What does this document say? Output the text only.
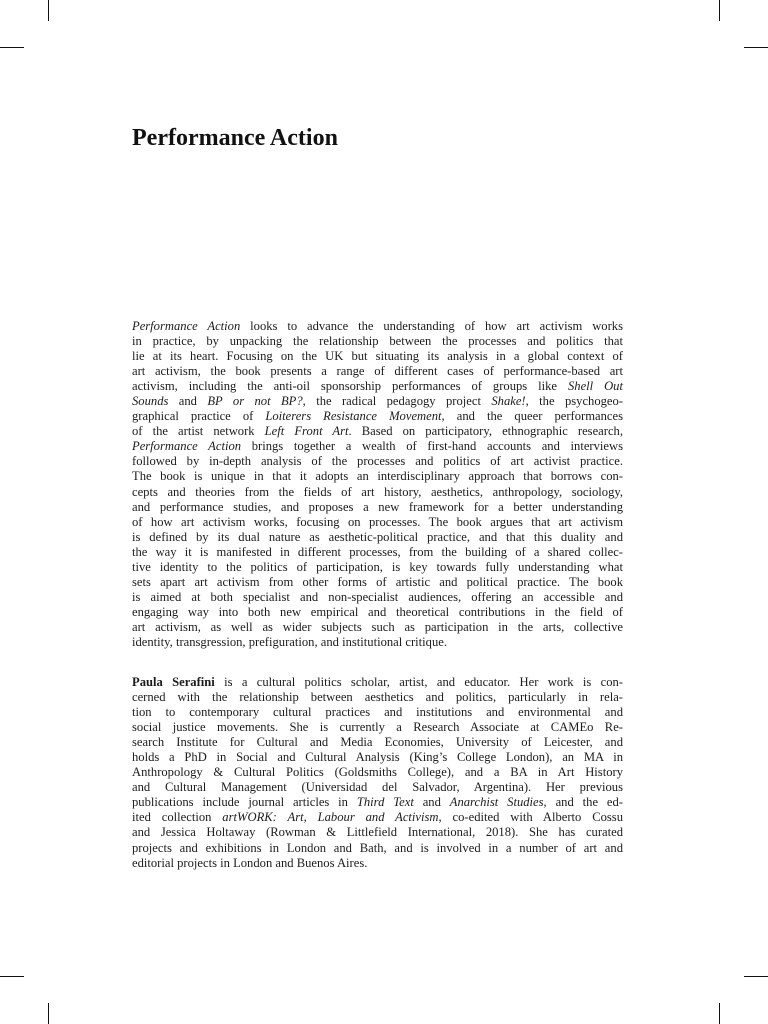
Performance Action

Performance Action looks to advance the understanding of how art activism works
in practice, by unpacking the relationship between the processes and politics that
lie at its heart. Focusing on the UK but situating its analysis in a global context of
art activism, the book presents a range of different cases of performance-based art
activism, including the anti-oil sponsorship performances of groups like Shell Out
Sounds and BP or not BP?, the radical pedagogy project Shake!, the psychogeo-
graphical practice of Loiterers Resistance Movement, and the queer performances
of the artist network Left Front Art. Based on participatory, ethnographic research,
Performance Action brings together a wealth of first-hand accounts and interviews
followed by in-depth analysis of the processes and politics of art activist practice.
The book is unique in that it adopts an interdisciplinary approach that borrows con-
cepts and theories from the fields of art history, aesthetics, anthropology, sociology,
and performance studies, and proposes a new framework for a better understanding
of how art activism works, focusing on processes. The book argues that art activism
is defined by its dual nature as aesthetic-political practice, and that this duality and
the way it is manifested in different processes, from the building of a shared collec-
tive identity to the politics of participation, is key towards fully understanding what
sets apart art activism from other forms of artistic and political practice. The book
is aimed at both specialist and non-specialist audiences, offering an accessible and
engaging way into both new empirical and theoretical contributions in the field of
art activism, as well as wider subjects such as participation in the arts, collective
identity, transgression, prefiguration, and institutional critique.

Paula Serafini is a cultural politics scholar, artist, and educator. Her work is con-
cerned with the relationship between aesthetics and politics, particularly in rela-
tion to contemporary cultural practices and institutions and environmental and
social justice movements. She is currently a Research Associate at CAMEo Re-
search Institute for Cultural and Media Economies, University of Leicester, and
holds a PhD in Social and Cultural Analysis (King’s College London), an MA in
Anthropology & Cultural Politics (Goldsmiths College), and a BA in Art History
and Cultural Management (Universidad del Salvador, Argentina). Her previous
publications include journal articles in Third Text and Anarchist Studies, and the ed-
ited collection artWORK: Art, Labour and Activism, co-edited with Alberto Cossu
and Jessica Holtaway (Rowman & Littlefield International, 2018). She has curated
projects and exhibitions in London and Bath, and is involved in a number of art and
editorial projects in London and Buenos Aires.
